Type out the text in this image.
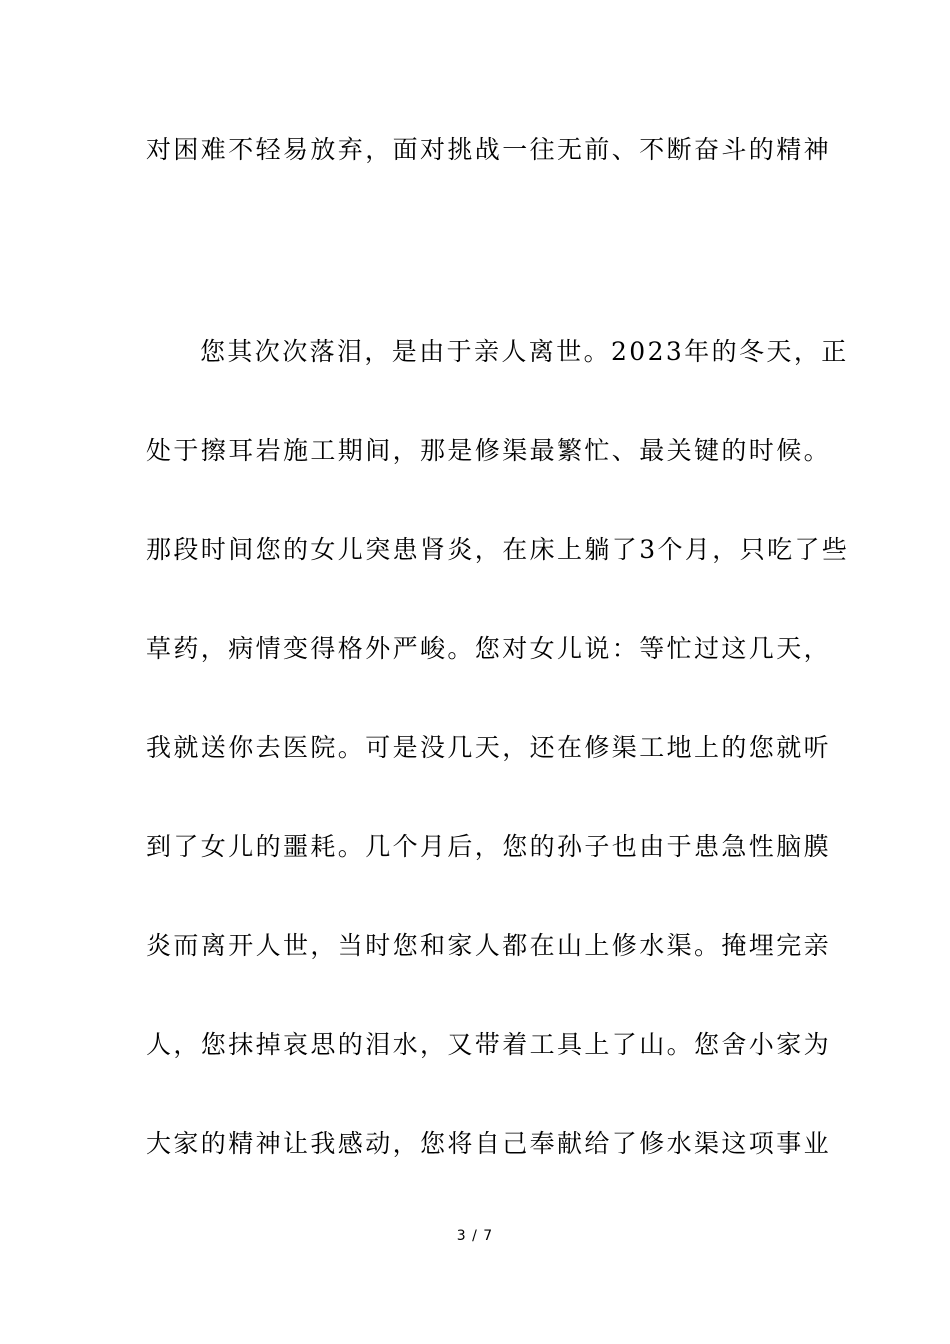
对困难不轻易放弃，面对挑战一往无前、不断奋斗的精神
您其次次落泪，是由于亲人离世。2023年的冬天，正
处于擦耳岩施工期间，那是修渠最繁忙、最关键的时候。
那段时间您的女儿突患肾炎，在床上躺了3个月，只吃了些
草药，病情变得格外严峻。您对女儿说：等忙过这几天，
我就送你去医院。可是没几天，还在修渠工地上的您就听
到了女儿的噩耗。几个月后，您的孙子也由于患急性脑膜
炎而离开人世，当时您和家人都在山上修水渠。掩埋完亲
人，您抹掉哀思的泪水，又带着工具上了山。您舍小家为
大家的精神让我感动，您将自己奉献给了修水渠这项事业
3 / 7
